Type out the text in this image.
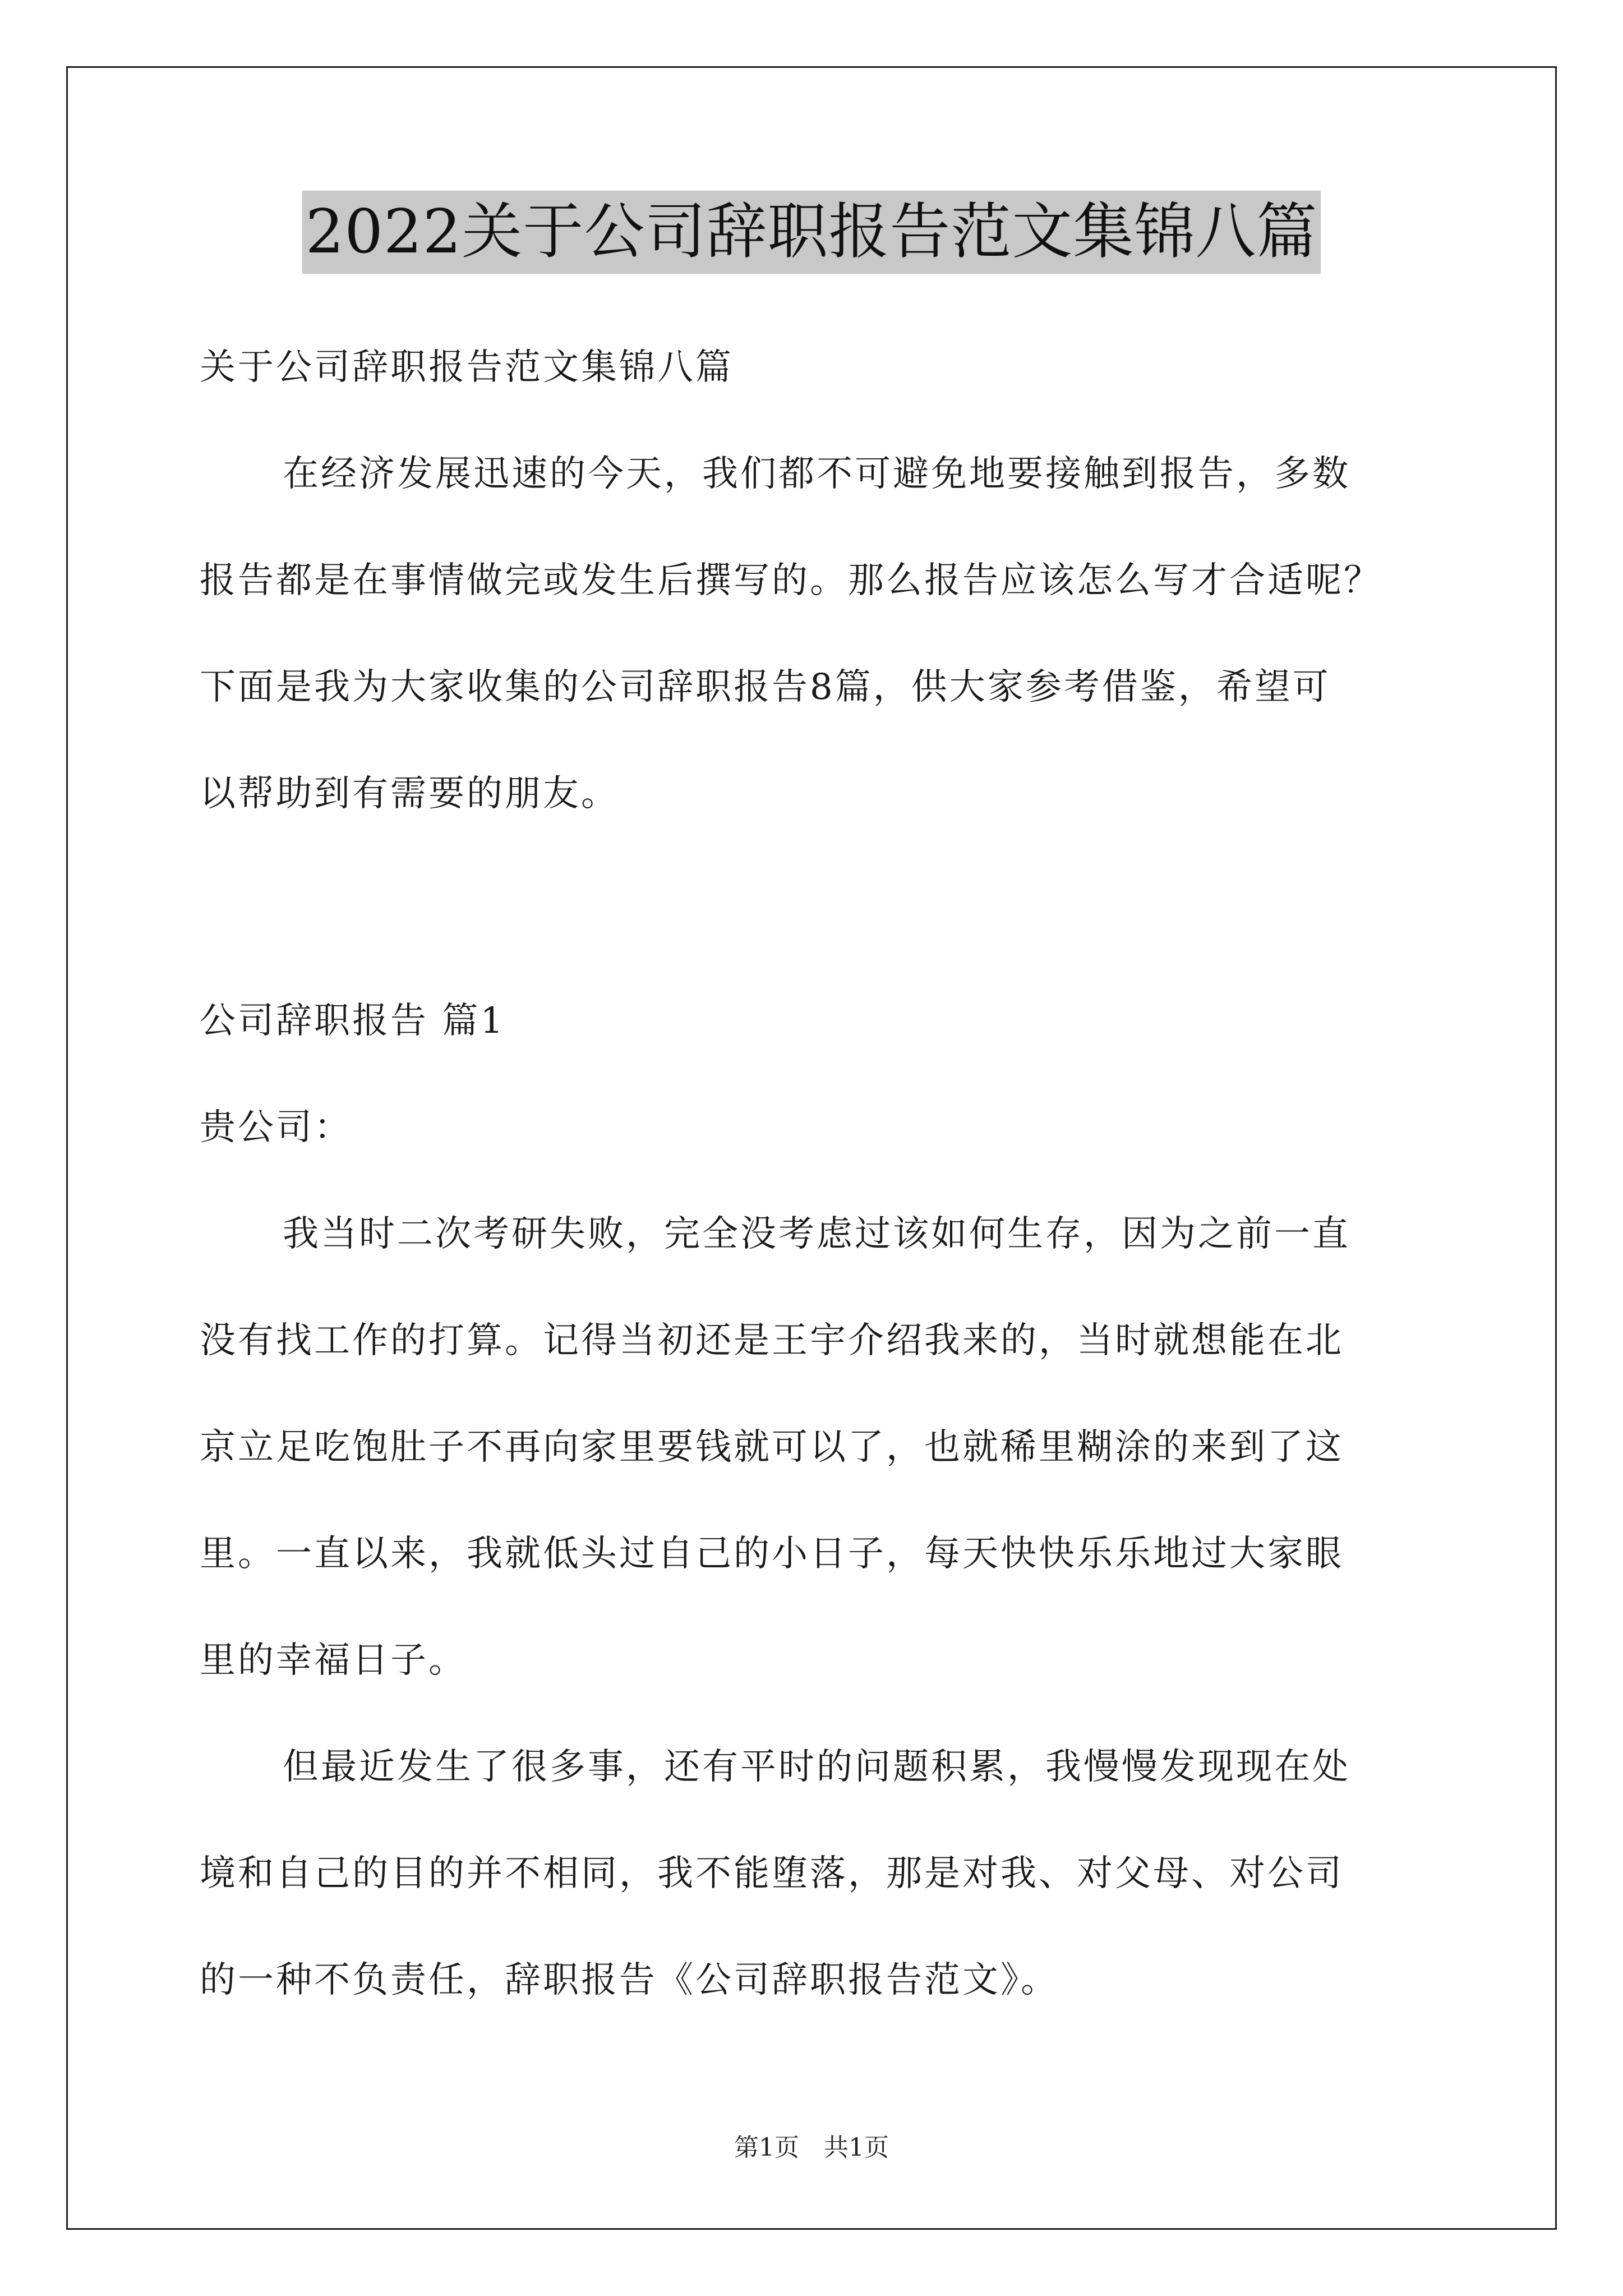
2022关于公司辞职报告范文集锦八篇
关于公司辞职报告范文集锦八篇
在经济发展迅速的今天，我们都不可避免地要接触到报告，多数
报告都是在事情做完或发生后撰写的。那么报告应该怎么写才合适呢？
下面是我为大家收集的公司辞职报告8篇，供大家参考借鉴，希望可
以帮助到有需要的朋友。
公司辞职报告 篇1
贵公司：
我当时二次考研失败，完全没考虑过该如何生存，因为之前一直
没有找工作的打算。记得当初还是王宇介绍我来的，当时就想能在北
京立足吃饱肚子不再向家里要钱就可以了，也就稀里糊涂的来到了这
里。一直以来，我就低头过自己的小日子，每天快快乐乐地过大家眼
里的幸福日子。
但最近发生了很多事，还有平时的问题积累，我慢慢发现现在处
境和自己的目的并不相同，我不能堕落，那是对我、对父母、对公司
的一种不负责任，辞职报告《公司辞职报告范文》。
第1页　共1页
